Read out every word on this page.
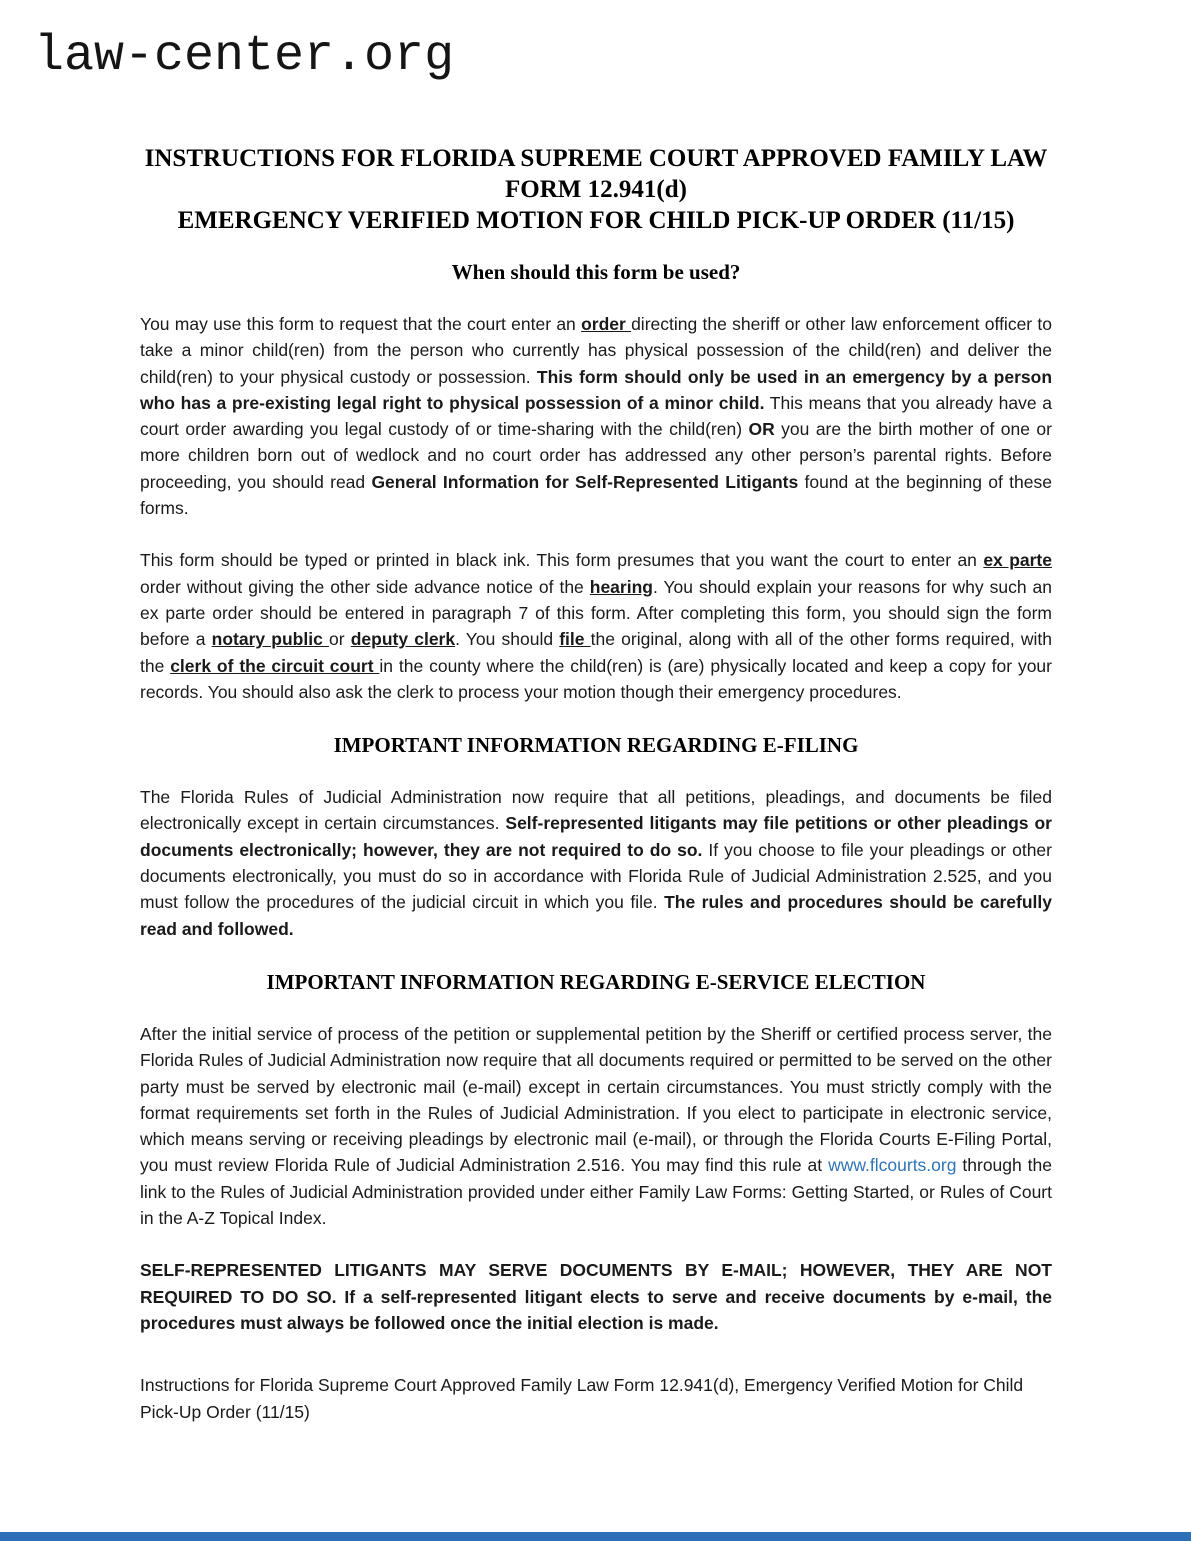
law-center.org
INSTRUCTIONS FOR FLORIDA SUPREME COURT APPROVED FAMILY LAW
FORM 12.941(d)
EMERGENCY VERIFIED MOTION FOR CHILD PICK-UP ORDER (11/15)
When should this form be used?

You may use this form to request that the court enter an order directing the sheriff or other law enforcement officer to take a minor child(ren) from the person who currently has physical possession of the child(ren) and deliver the child(ren) to your physical custody or possession. This form should only be used in an emergency by a person who has a pre-existing legal right to physical possession of a minor child. This means that you already have a court order awarding you legal custody of or time-sharing with the child(ren) OR you are the birth mother of one or more children born out of wedlock and no court order has addressed any other person’s parental rights. Before proceeding, you should read General Information for Self-Represented Litigants found at the beginning of these forms.

This form should be typed or printed in black ink. This form presumes that you want the court to enter an ex parte order without giving the other side advance notice of the hearing. You should explain your reasons for why such an ex parte order should be entered in paragraph 7 of this form. After completing this form, you should sign the form before a notary public or deputy clerk. You should file the original, along with all of the other forms required, with the clerk of the circuit court in the county where the child(ren) is (are) physically located and keep a copy for your records. You should also ask the clerk to process your motion though their emergency procedures.

IMPORTANT INFORMATION REGARDING E-FILING

The Florida Rules of Judicial Administration now require that all petitions, pleadings, and documents be filed electronically except in certain circumstances. Self-represented litigants may file petitions or other pleadings or documents electronically; however, they are not required to do so. If you choose to file your pleadings or other documents electronically, you must do so in accordance with Florida Rule of Judicial Administration 2.525, and you must follow the procedures of the judicial circuit in which you file. The rules and procedures should be carefully read and followed.

IMPORTANT INFORMATION REGARDING E-SERVICE ELECTION

After the initial service of process of the petition or supplemental petition by the Sheriff or certified process server, the Florida Rules of Judicial Administration now require that all documents required or permitted to be served on the other party must be served by electronic mail (e-mail) except in certain circumstances. You must strictly comply with the format requirements set forth in the Rules of Judicial Administration. If you elect to participate in electronic service, which means serving or receiving pleadings by electronic mail (e-mail), or through the Florida Courts E-Filing Portal, you must review Florida Rule of Judicial Administration 2.516. You may find this rule at www.flcourts.org through the link to the Rules of Judicial Administration provided under either Family Law Forms: Getting Started, or Rules of Court in the A-Z Topical Index.

SELF-REPRESENTED LITIGANTS MAY SERVE DOCUMENTS BY E-MAIL; HOWEVER, THEY ARE NOT REQUIRED TO DO SO. If a self-represented litigant elects to serve and receive documents by e-mail, the procedures must always be followed once the initial election is made.

Instructions for Florida Supreme Court Approved Family Law Form 12.941(d), Emergency Verified Motion for Child Pick-Up Order (11/15)
